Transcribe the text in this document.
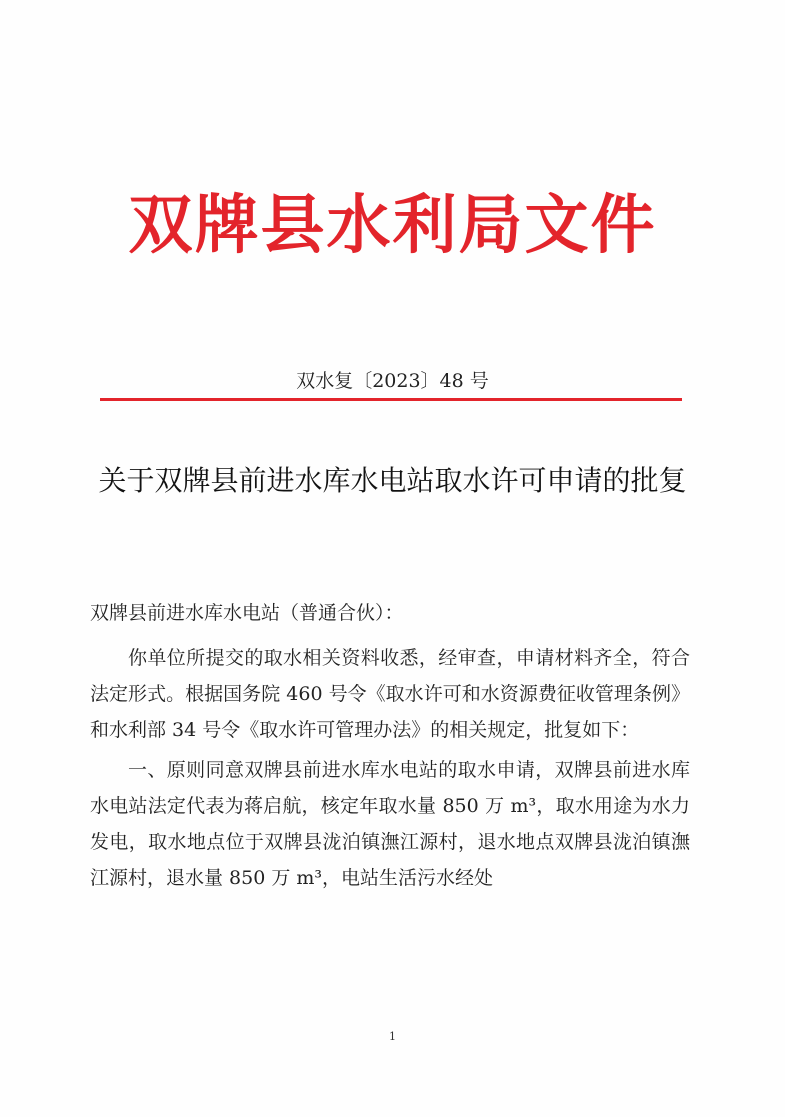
双牌县水利局文件
双水复〔2023〕48 号
关于双牌县前进水库水电站取水许可申请的批复
双牌县前进水库水电站（普通合伙）：

你单位所提交的取水相关资料收悉，经审查，申请材料齐全，符合法定形式。根据国务院 460 号令《取水许可和水资源费征收管理条例》和水利部 34 号令《取水许可管理办法》的相关规定，批复如下：

一、原则同意双牌县前进水库水电站的取水申请，双牌县前进水库水电站法定代表为蒋启航，核定年取水量 850 万 m³，取水用途为水力发电，取水地点位于双牌县泷泊镇潕江源村，退水地点双牌县泷泊镇潕江源村，退水量 850 万 m³，电站生活污水经处

1
